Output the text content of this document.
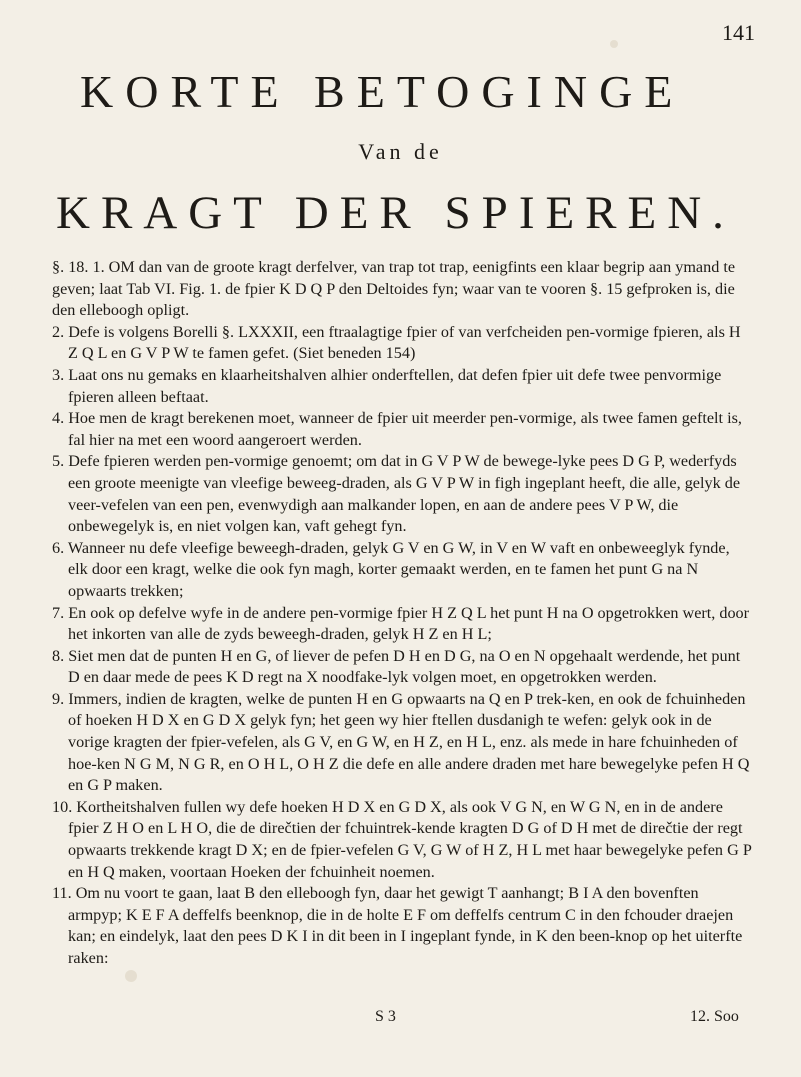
141
KORTE BETOGINGE
Van de
KRAGT DER SPIEREN.

§. 18. 1. OM dan van de groote kragt derfelver, van trap tot trap, eenigfints een klaar begrip aan ymand te geven; laat Tab VI. Fig. 1. de fpier K D Q P den Deltoides fyn; waar van te vooren §. 15 gefproken is, die den elleboogh opligt.

2. Defe is volgens Borelli §. LXXXII, een ftraalagtige fpier of van verfcheiden pen-vormige fpieren, als H Z Q L en G V P W te famen gefet. (Siet beneden 154)

3. Laat ons nu gemaks en klaarheitshalven alhier onderftellen, dat defen fpier uit defe twee penvormige fpieren alleen beftaat.

4. Hoe men de kragt berekenen moet, wanneer de fpier uit meerder pen-vormige, als twee famen geftelt is, fal hier na met een woord aangeroert werden.

5. Defe fpieren werden pen-vormige genoemt; om dat in G V P W de bewege-lyke pees D G P, wederfyds een groote meenigte van vleefige beweeg-draden, als G V P W in figh ingeplant heeft, die alle, gelyk de veer-vefelen van een pen, evenwydigh aan malkander lopen, en aan de andere pees V P W, die onbewegelyk is, en niet volgen kan, vaft gehegt fyn.

6. Wanneer nu defe vleefige beweegh-draden, gelyk G V en G W, in V en W vaft en onbeweeglyk fynde, elk door een kragt, welke die ook fyn magh, korter gemaakt werden, en te famen het punt G na N opwaarts trekken;

7. En ook op defelve wyfe in de andere pen-vormige fpier H Z Q L het punt H na O opgetrokken wert, door het inkorten van alle de zyds beweegh-draden, gelyk H Z en H L;

8. Siet men dat de punten H en G, of liever de pefen D H en D G, na O en N opgehaalt werdende, het punt D en daar mede de pees K D regt na X noodfake-lyk volgen moet, en opgetrokken werden.

9. Immers, indien de kragten, welke de punten H en G opwaarts na Q en P trek-ken, en ook de fchuinheden of hoeken H D X en G D X gelyk fyn; het geen wy hier ftellen dusdanigh te wefen: gelyk ook in de vorige kragten der fpier-vefelen, als G V, en G W, en H Z, en H L, enz. als mede in hare fchuinheden of hoe-ken N G M, N G R, en O H L, O H Z die defe en alle andere draden met hare bewegelyke pefen H Q en G P maken.

10. Kortheitshalven fullen wy defe hoeken H D X en G D X, als ook V G N, en W G N, en in de andere fpier Z H O en L H O, die de direčtien der fchuintrek-kende kragten D G of D H met de direčtie der regt opwaarts trekkende kragt D X; en de fpier-vefelen G V, G W of H Z, H L met haar bewegelyke pefen G P en H Q maken, voortaan Hoeken der fchuinheit noemen.

11. Om nu voort te gaan, laat B den elleboogh fyn, daar het gewigt T aanhangt; B I A den bovenften armpyp; K E F A deffelfs beenknop, die in de holte E F om deffelfs centrum C in den fchouder draejen kan; en eindelyk, laat den pees D K I in dit been in I ingeplant fynde, in K den been-knop op het uiterfte raken:

S 3	12. Soo
